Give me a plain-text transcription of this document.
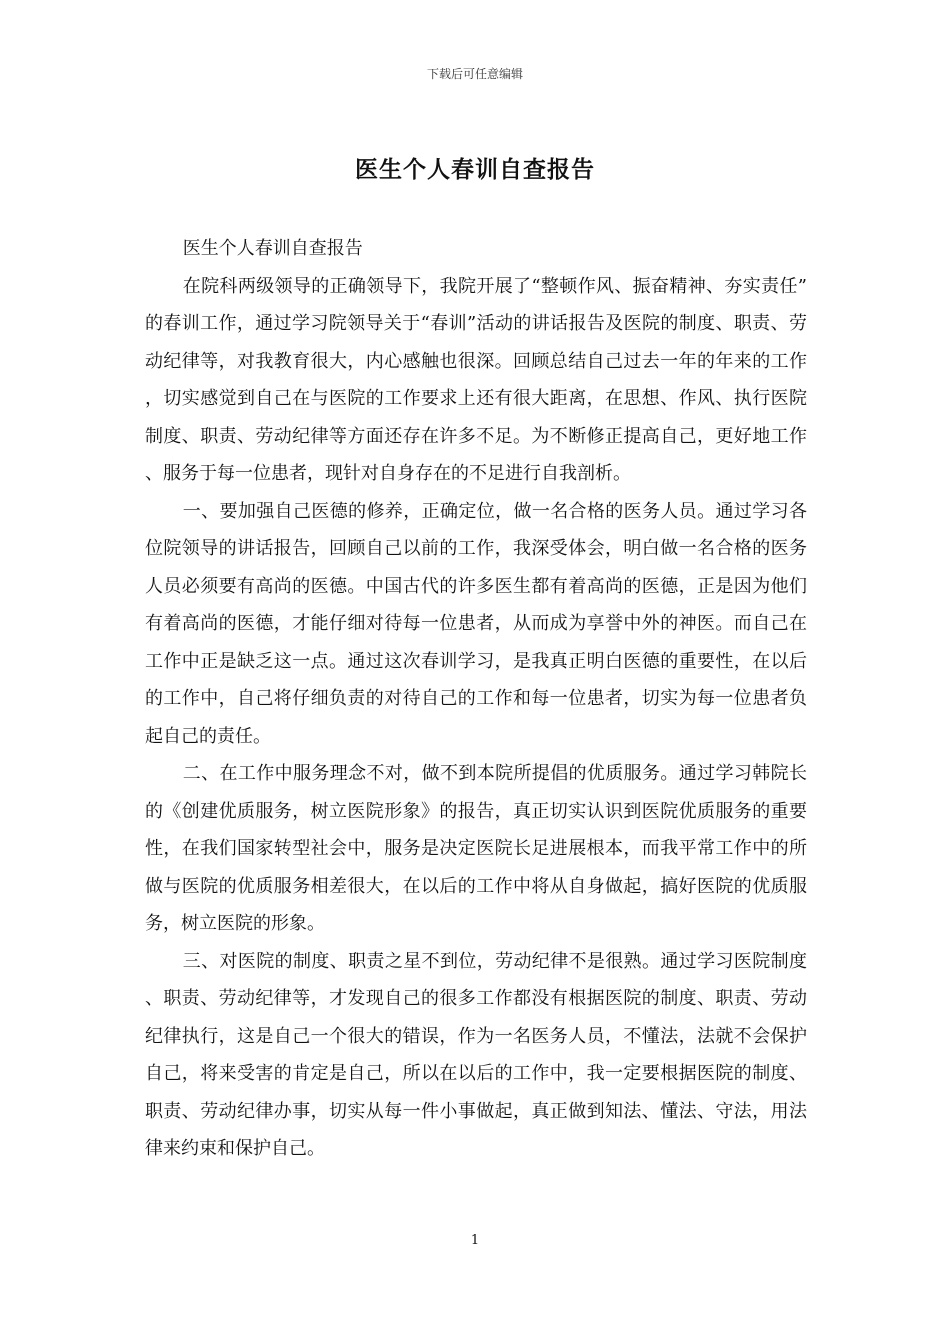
下载后可任意编辑
医生个人春训自查报告

医生个人春训自查报告

在院科两级领导的正确领导下，我院开展了“整顿作风、振奋精神、夯实责任”的春训工作，通过学习院领导关于“春训”活动的讲话报告及医院的制度、职责、劳动纪律等，对我教育很大，内心感触也很深。回顾总结自己过去一年的年来的工作，切实感觉到自己在与医院的工作要求上还有很大距离，在思想、作风、执行医院制度、职责、劳动纪律等方面还存在许多不足。为不断修正提高自己，更好地工作、服务于每一位患者，现针对自身存在的不足进行自我剖析。

一、要加强自己医德的修养，正确定位，做一名合格的医务人员。通过学习各位院领导的讲话报告，回顾自己以前的工作，我深受体会，明白做一名合格的医务人员必须要有高尚的医德。中国古代的许多医生都有着高尚的医德，正是因为他们有着高尚的医德，才能仔细对待每一位患者，从而成为享誉中外的神医。而自己在工作中正是缺乏这一点。通过这次春训学习，是我真正明白医德的重要性，在以后的工作中，自己将仔细负责的对待自己的工作和每一位患者，切实为每一位患者负起自己的责任。

二、在工作中服务理念不对，做不到本院所提倡的优质服务。通过学习韩院长的《创建优质服务，树立医院形象》的报告，真正切实认识到医院优质服务的重要性，在我们国家转型社会中，服务是决定医院长足进展根本，而我平常工作中的所做与医院的优质服务相差很大，在以后的工作中将从自身做起，搞好医院的优质服务，树立医院的形象。

三、对医院的制度、职责之星不到位，劳动纪律不是很熟。通过学习医院制度、职责、劳动纪律等，才发现自己的很多工作都没有根据医院的制度、职责、劳动纪律执行，这是自己一个很大的错误，作为一名医务人员，不懂法，法就不会保护自己，将来受害的肯定是自己，所以在以后的工作中，我一定要根据医院的制度、职责、劳动纪律办事，切实从每一件小事做起，真正做到知法、懂法、守法，用法律来约束和保护自己。

1
